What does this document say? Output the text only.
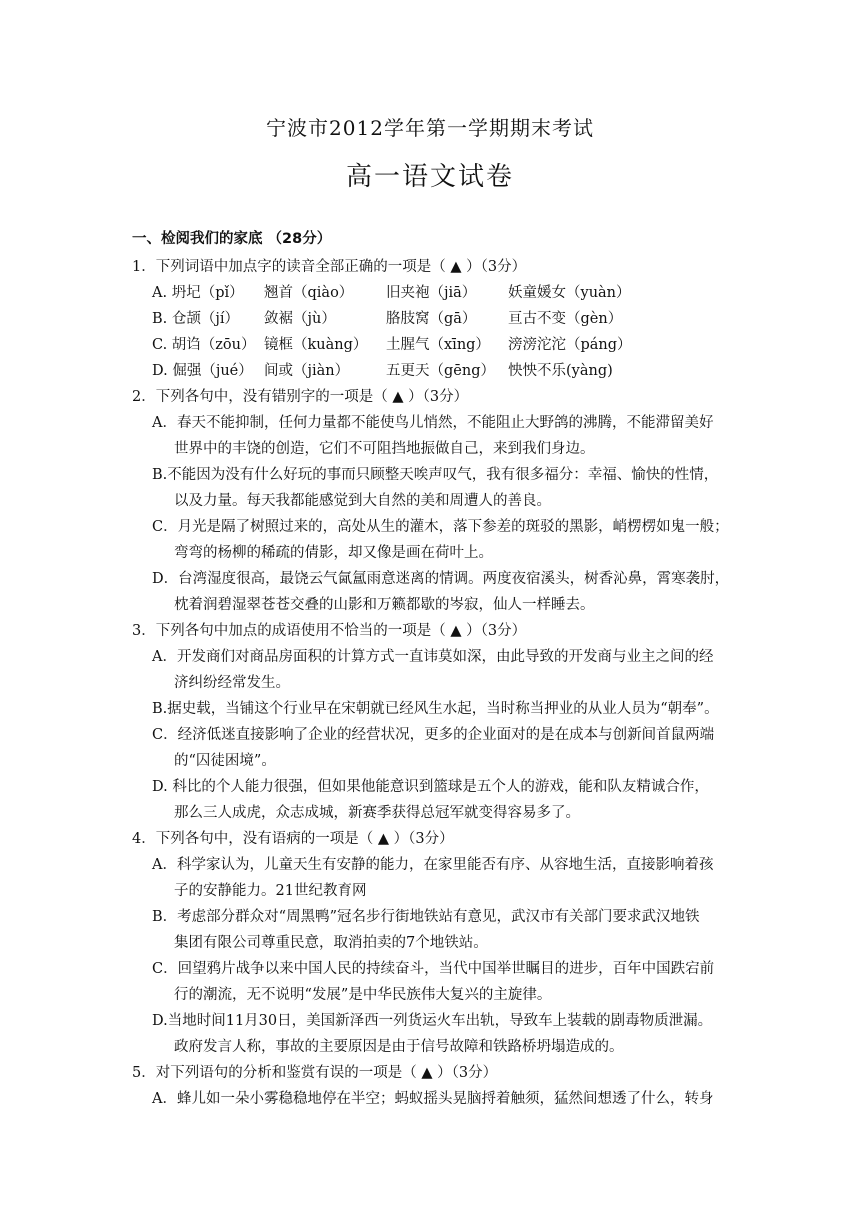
宁波市2012学年第一学期期末考试
高一语文试卷
一、检阅我们的家底 （28分）
1．下列词语中加点字的读音全部正确的一项是（ ▲ ）（3分）
A. 坍圮（pǐ）	翘首（qiào）	旧夹袍（jiā）	妖童媛女（yuàn）
B. 仓颉（jí）	敛裾（jù）	胳肢窝（gā）	亘古不变（gèn）
C. 胡诌（zōu） 镜框（kuàng）	土腥气（xīng）	滂滂沱沱（páng）
D. 倔强（jué） 间或（jiàn）	五更天（gēng） 怏怏不乐(yàng)
2．下列各句中，没有错别字的一项是（ ▲ ）（3分）
A．春天不能抑制，任何力量都不能使鸟儿悄然，不能阻止大野鸽的沸腾，不能滞留美好
世界中的丰饶的创造，它们不可阻挡地振做自己，来到我们身边。
B.不能因为没有什么好玩的事而只顾整天唉声叹气，我有很多福分：幸福、愉快的性情，
以及力量。每天我都能感觉到大自然的美和周遭人的善良。
C．月光是隔了树照过来的，高处从生的灌木，落下参差的斑驳的黑影，峭楞楞如鬼一般；
弯弯的杨柳的稀疏的倩影，却又像是画在荷叶上。
D．台湾湿度很高，最饶云气氤氲雨意迷离的情调。两度夜宿溪头，树香沁鼻，霄寒袭肘，
枕着润碧湿翠苍苍交叠的山影和万籁都歇的岑寂，仙人一样睡去。
3．下列各句中加点的成语使用不恰当的一项是（ ▲ ）（3分）
A．开发商们对商品房面积的计算方式一直讳莫如深，由此导致的开发商与业主之间的经
济纠纷经常发生。
B.据史载，当铺这个行业早在宋朝就已经风生水起，当时称当押业的从业人员为“朝奉”。
C．经济低迷直接影响了企业的经营状况，更多的企业面对的是在成本与创新间首鼠两端
的“囚徒困境”。
D. 科比的个人能力很强，但如果他能意识到篮球是五个人的游戏，能和队友精诚合作，
那么三人成虎，众志成城，新赛季获得总冠军就变得容易多了。
4．下列各句中，没有语病的一项是（ ▲ ）（3分）
A．科学家认为，儿童天生有安静的能力，在家里能否有序、从容地生活，直接影响着孩
子的安静能力。21世纪教育网
B．考虑部分群众对“周黑鸭”冠名步行街地铁站有意见，武汉市有关部门要求武汉地铁
集团有限公司尊重民意，取消拍卖的7个地铁站。
C．回望鸦片战争以来中国人民的持续奋斗，当代中国举世瞩目的进步，百年中国跌宕前
行的潮流，无不说明“发展”是中华民族伟大复兴的主旋律。
D.当地时间11月30日，美国新泽西一列货运火车出轨，导致车上装载的剧毒物质泄漏。
政府发言人称，事故的主要原因是由于信号故障和铁路桥坍塌造成的。
5．对下列语句的分析和鉴赏有误的一项是（ ▲ ）（3分）
A．蜂儿如一朵小雾稳稳地停在半空；蚂蚁摇头晃脑捋着触须，猛然间想透了什么，转身
